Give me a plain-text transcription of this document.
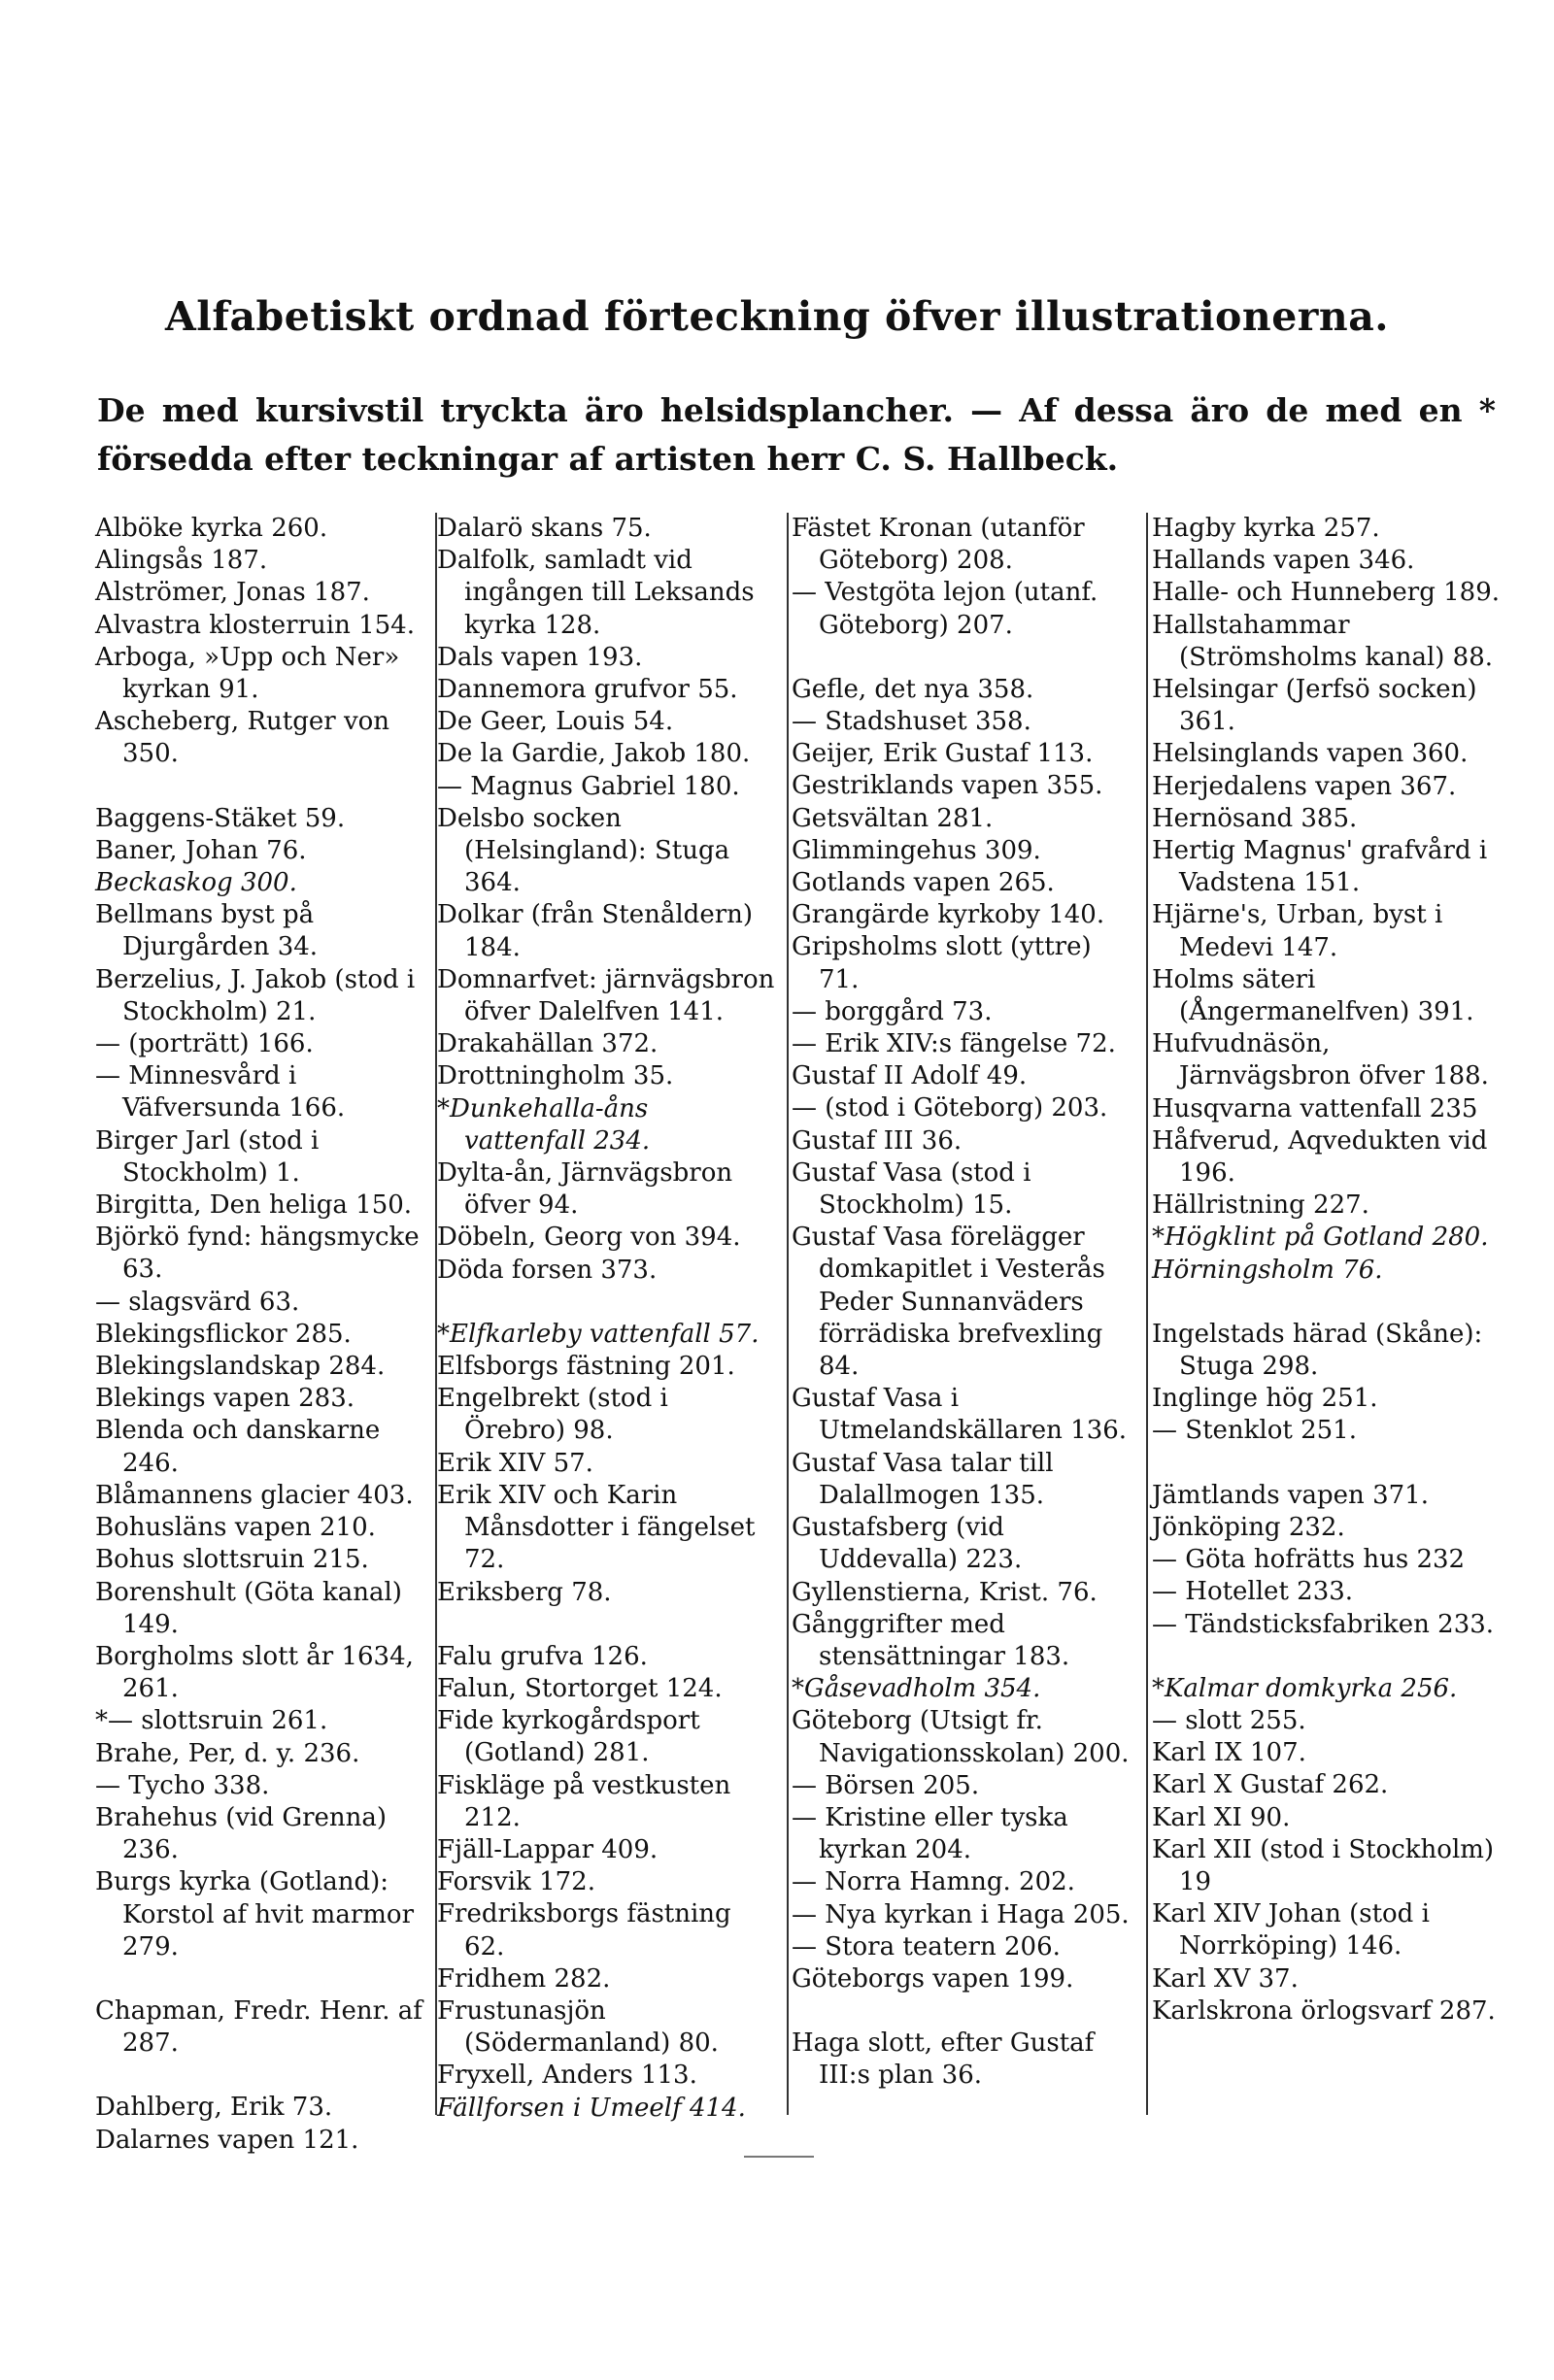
Alfabetiskt ordnad förteckning öfver illustrationerna.

De med kursivstil tryckta äro helsidsplancher. — Af dessa äro de med en * försedda efter teckningar af artisten herr C. S. Hallbeck.

Alböke kyrka 260.
Alingsås 187.
Alströmer, Jonas 187.
Alvastra klosterruin 154.
Arboga, »Upp och Ner» kyrkan 91.
Ascheberg, Rutger von 350.
Baggens-Stäket 59.
Baner, Johan 76.
Beckaskog 300.
Bellmans byst på Djurgården 34.
Berzelius, J. Jakob (stod i Stockholm) 21.
— (porträtt) 166.
— Minnesvård i Väfversunda 166.
Birger Jarl (stod i Stockholm) 1.
Birgitta, Den heliga 150.
Björkö fynd: hängsmycke 63.
— slagsvärd 63.
Blekingsflickor 285.
Blekingslandskap 284.
Blekings vapen 283.
Blenda och danskarne 246.
Blåmannens glacier 403.
Bohusläns vapen 210.
Bohus slottsruin 215.
Borenshult (Göta kanal) 149.
Borgholms slott år 1634, 261.
*— slottsruin 261.
Brahe, Per, d. y. 236.
— Tycho 338.
Brahehus (vid Grenna) 236.
Burgs kyrka (Gotland): Korstol af hvit marmor 279.
Chapman, Fredr. Henr. af 287.
Dahlberg, Erik 73.
Dalarnes vapen 121.
Dalarö skans 75.
Dalfolk, samladt vid ingången till Leksands kyrka 128.
Dals vapen 193.
Dannemora grufvor 55.
De Geer, Louis 54.
De la Gardie, Jakob 180.
— Magnus Gabriel 180.
Delsbo socken (Helsingland): Stuga 364.
Dolkar (från Stenåldern) 184.
Domnarfvet: järnvägsbron öfver Dalelfven 141.
Drakahällan 372.
Drottningholm 35.
*Dunkehalla-åns vattenfall 234.
Dylta-ån, Järnvägsbron öfver 94.
Döbeln, Georg von 394.
Döda forsen 373.
*Elfkarleby vattenfall 57.
Elfsborgs fästning 201.
Engelbrekt (stod i Örebro) 98.
Erik XIV 57.
Erik XIV och Karin Månsdotter i fängelset 72.
Eriksberg 78.
Falu grufva 126.
Falun, Stortorget 124.
Fide kyrkogårdsport (Gotland) 281.
Fiskläge på vestkusten 212.
Fjäll-Lappar 409.
Forsvik 172.
Fredriksborgs fästning 62.
Fridhem 282.
Frustunasjön (Södermanland) 80.
Fryxell, Anders 113.
Fällforsen i Umeelf 414.
Fästet Kronan (utanför Göteborg) 208.
— Vestgöta lejon (utanf. Göteborg) 207.
Gefle, det nya 358.
— Stadshuset 358.
Geijer, Erik Gustaf 113.
Gestriklands vapen 355.
Getsvältan 281.
Glimmingehus 309.
Gotlands vapen 265.
Grangärde kyrkoby 140.
Gripsholms slott (yttre) 71.
— borggård 73.
— Erik XIV:s fängelse 72.
Gustaf II Adolf 49.
— (stod i Göteborg) 203.
Gustaf III 36.
Gustaf Vasa (stod i Stockholm) 15.
Gustaf Vasa förelägger domkapitlet i Vesterås Peder Sunnanväders förrädiska brefvexling 84.
Gustaf Vasa i Utmelandskällaren 136.
Gustaf Vasa talar till Dalallmogen 135.
Gustafsberg (vid Uddevalla) 223.
Gyllenstierna, Krist. 76.
Gånggrifter med stensättningar 183.
*Gåsevadholm 354.
Göteborg (Utsigt fr. Navigationsskolan) 200.
— Börsen 205.
— Kristine eller tyska kyrkan 204.
— Norra Hamng. 202.
— Nya kyrkan i Haga 205.
— Stora teatern 206.
Göteborgs vapen 199.
Haga slott, efter Gustaf III:s plan 36.
Hagby kyrka 257.
Hallands vapen 346.
Halle- och Hunneberg 189.
Hallstahammar (Strömsholms kanal) 88.
Helsingar (Jerfsö socken) 361.
Helsinglands vapen 360.
Herjedalens vapen 367.
Hernösand 385.
Hertig Magnus' grafvård i Vadstena 151.
Hjärne's, Urban, byst i Medevi 147.
Holms säteri (Ångermanelfven) 391.
Hufvudnäsön, Järnvägsbron öfver 188.
Husqvarna vattenfall 235
Håfverud, Aqvedukten vid 196.
Hällristning 227.
*Högklint på Gotland 280.
Hörningsholm 76.
Ingelstads härad (Skåne): Stuga 298.
Inglinge hög 251.
— Stenklot 251.
Jämtlands vapen 371.
Jönköping 232.
— Göta hofrätts hus 232
— Hotellet 233.
— Tändsticksfabriken 233.
*Kalmar domkyrka 256.
— slott 255.
Karl IX 107.
Karl X Gustaf 262.
Karl XI 90.
Karl XII (stod i Stockholm) 19
Karl XIV Johan (stod i Norrköping) 146.
Karl XV 37.
Karlskrona örlogsvarf 287.
